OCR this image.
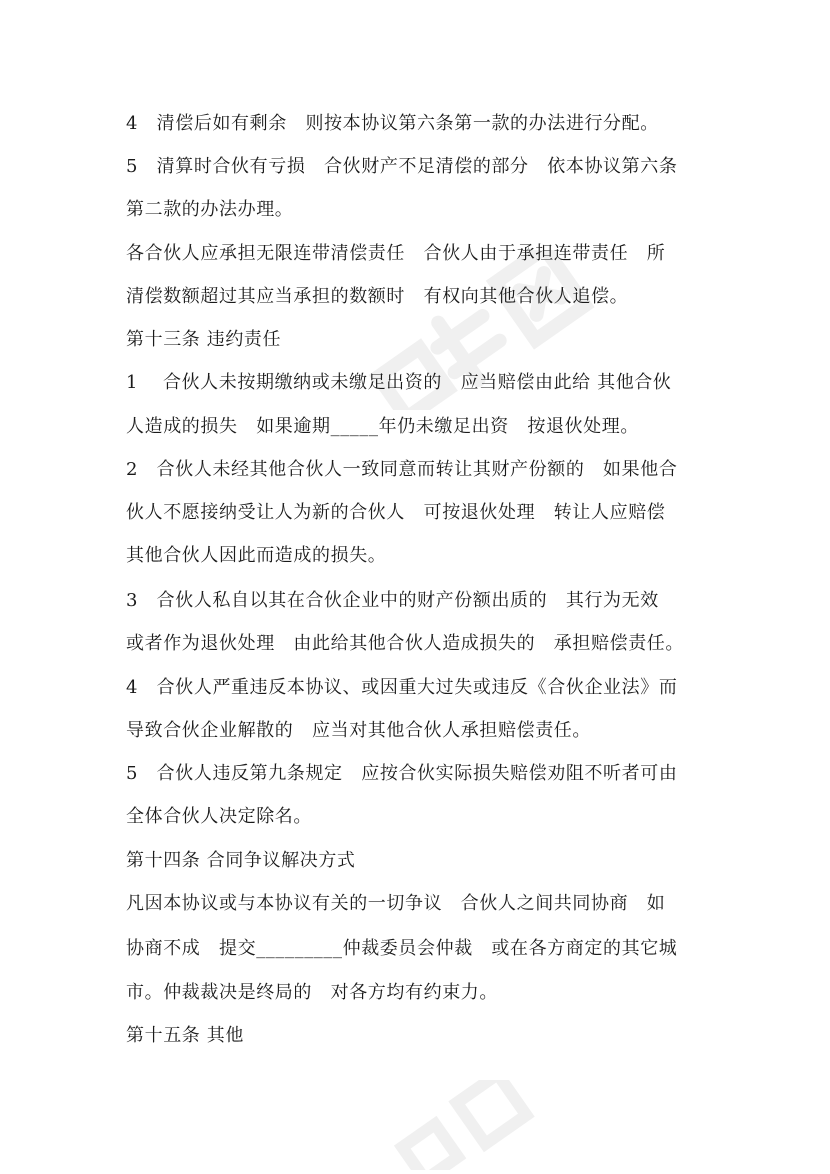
4　清偿后如有剩余　则按本协议第六条第一款的办法进行分配。
5　清算时合伙有亏损　合伙财产不足清偿的部分　依本协议第六条
第二款的办法办理。
各合伙人应承担无限连带清偿责任　合伙人由于承担连带责任　所
清偿数额超过其应当承担的数额时　有权向其他合伙人追偿。
第十三条 违约责任
1　 合伙人未按期缴纳或未缴足出资的　应当赔偿由此给 其他合伙
人造成的损失　如果逾期_____年仍未缴足出资　按退伙处理。
2　合伙人未经其他合伙人一致同意而转让其财产份额的　如果他合
伙人不愿接纳受让人为新的合伙人　可按退伙处理　转让人应赔偿
其他合伙人因此而造成的损失。
3　合伙人私自以其在合伙企业中的财产份额出质的　其行为无效
或者作为退伙处理　由此给其他合伙人造成损失的　承担赔偿责任。
4　合伙人严重违反本协议、或因重大过失或违反《合伙企业法》而
导致合伙企业解散的　应当对其他合伙人承担赔偿责任。
5　合伙人违反第九条规定　应按合伙实际损失赔偿劝阻不听者可由
全体合伙人决定除名。
第十四条 合同争议解决方式
凡因本协议或与本协议有关的一切争议　合伙人之间共同协商　如
协商不成　提交_________仲裁委员会仲裁　或在各方商定的其它城
市。仲裁裁决是终局的　对各方均有约束力。
第十五条 其他
